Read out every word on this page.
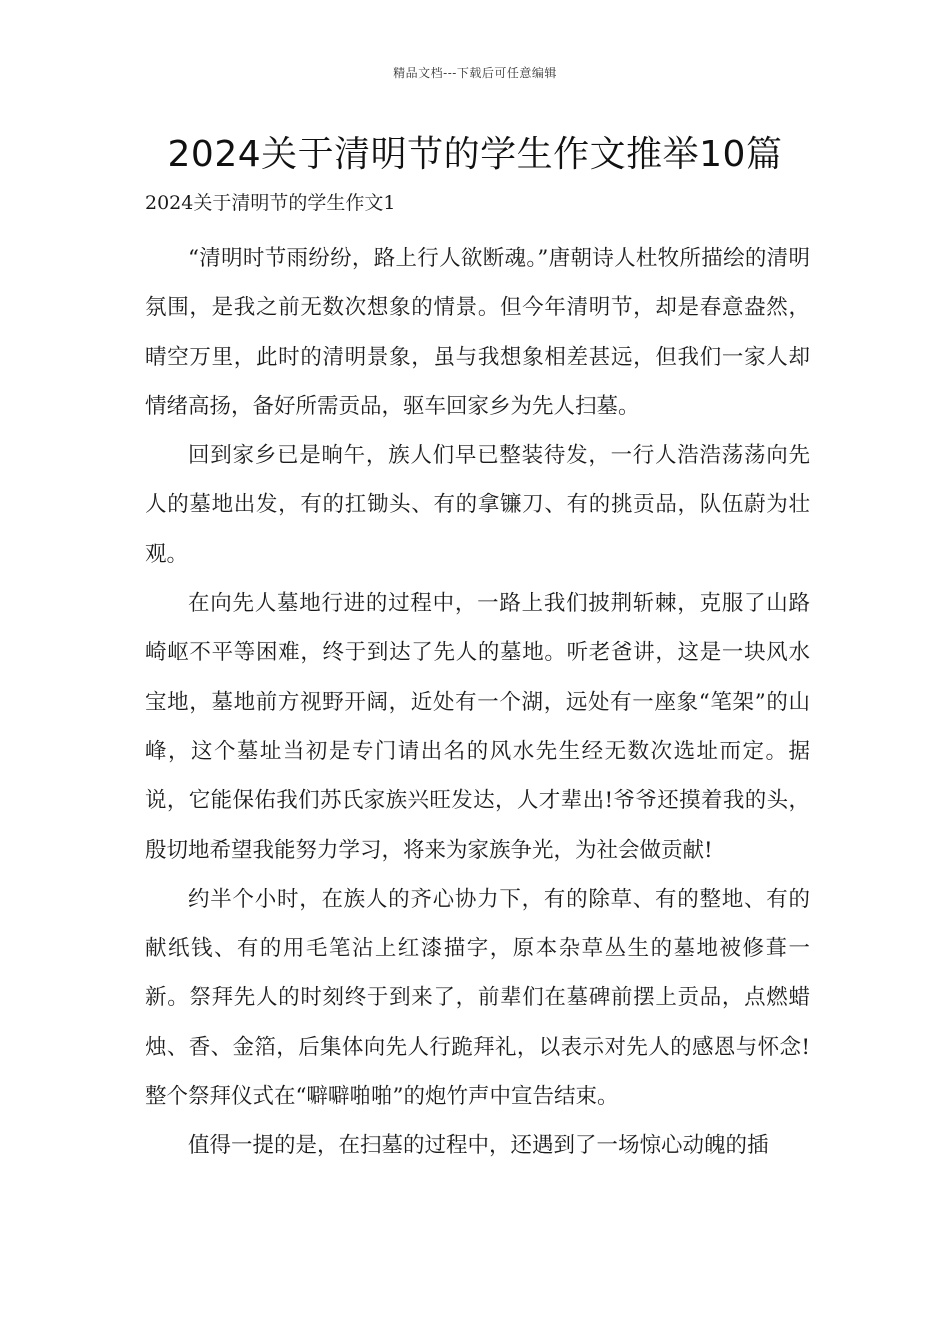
精品文档---下载后可任意编辑
2024关于清明节的学生作文推举10篇
2024关于清明节的学生作文1

“清明时节雨纷纷，路上行人欲断魂。”唐朝诗人杜牧所描绘的清明氛围，是我之前无数次想象的情景。但今年清明节，却是春意盎然，晴空万里，此时的清明景象，虽与我想象相差甚远，但我们一家人却情绪高扬，备好所需贡品，驱车回家乡为先人扫墓。

回到家乡已是晌午，族人们早已整装待发，一行人浩浩荡荡向先人的墓地出发，有的扛锄头、有的拿镰刀、有的挑贡品，队伍蔚为壮观。

在向先人墓地行进的过程中，一路上我们披荆斩棘，克服了山路崎岖不平等困难，终于到达了先人的墓地。听老爸讲，这是一块风水宝地，墓地前方视野开阔，近处有一个湖，远处有一座象“笔架”的山峰，这个墓址当初是专门请出名的风水先生经无数次选址而定。据说，它能保佑我们苏氏家族兴旺发达，人才辈出!爷爷还摸着我的头，殷切地希望我能努力学习，将来为家族争光，为社会做贡献!

约半个小时，在族人的齐心协力下，有的除草、有的整地、有的献纸钱、有的用毛笔沾上红漆描字，原本杂草丛生的墓地被修葺一新。祭拜先人的时刻终于到来了，前辈们在墓碑前摆上贡品，点燃蜡烛、香、金箔，后集体向先人行跪拜礼，以表示对先人的感恩与怀念!整个祭拜仪式在“噼噼啪啪”的炮竹声中宣告结束。

值得一提的是，在扫墓的过程中，还遇到了一场惊心动魄的插
